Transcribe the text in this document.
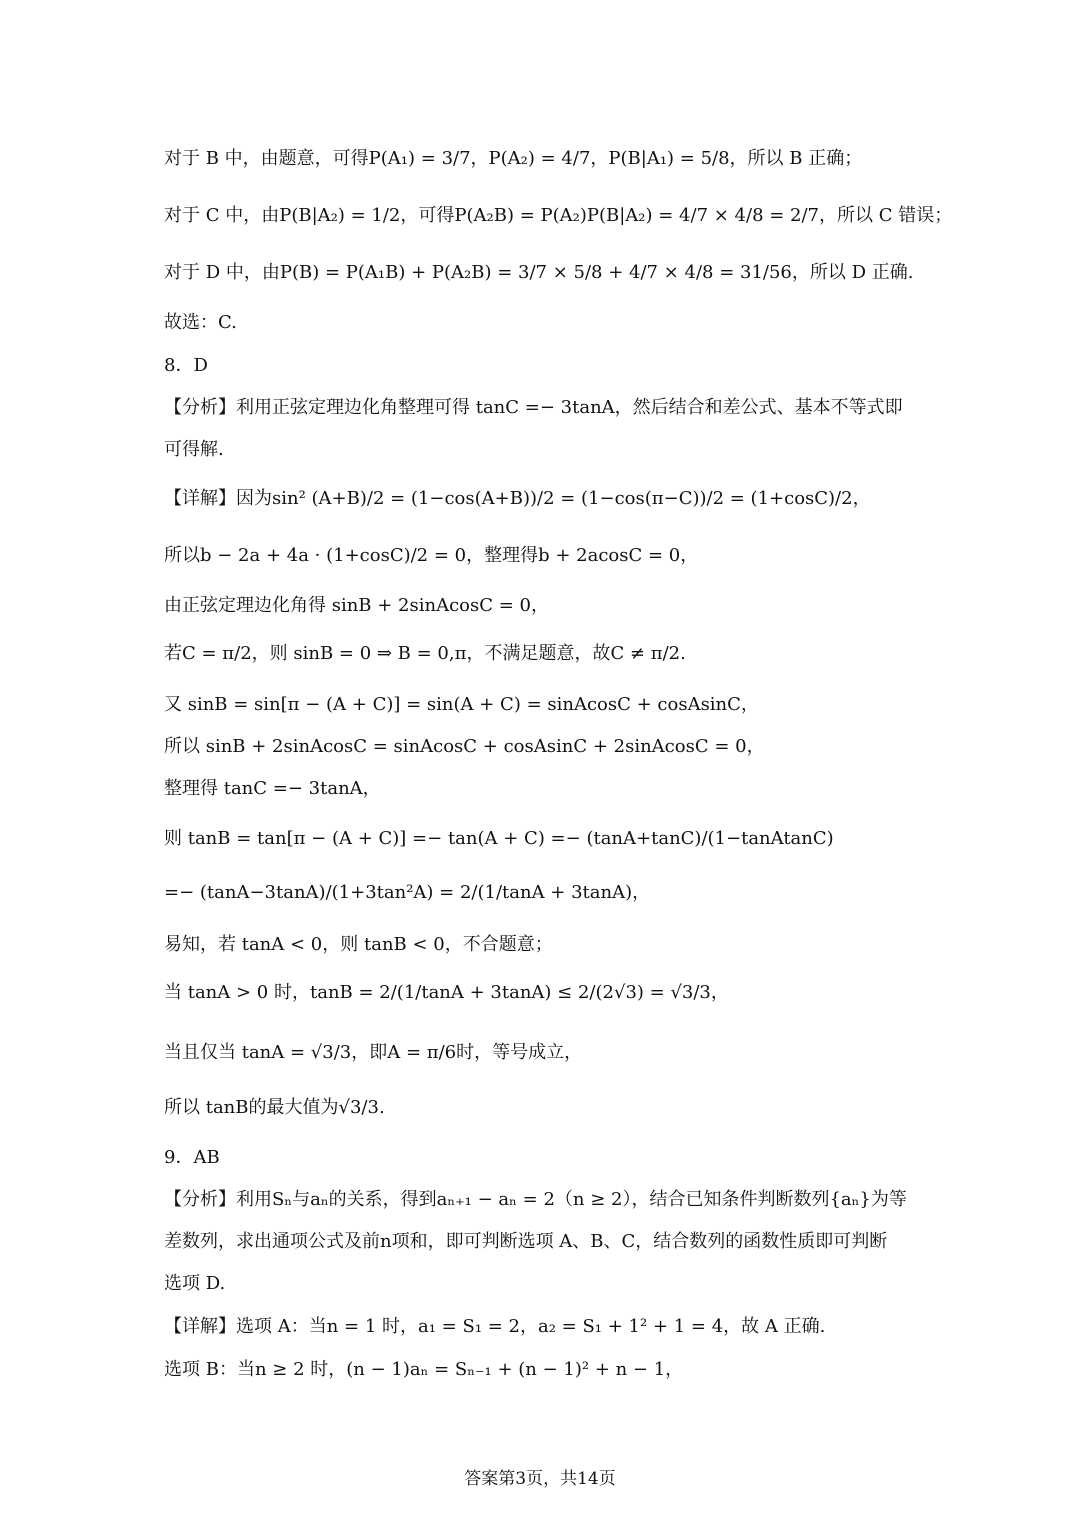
对于 B 中，由题意，可得P(A₁) = 3/7，P(A₂) = 4/7，P(B|A₁) = 5/8，所以 B 正确；
对于 C 中，由P(B|A₂) = 1/2，可得P(A₂B) = P(A₂)P(B|A₂) = 4/7 × 4/8 = 2/7，所以 C 错误；
对于 D 中，由P(B) = P(A₁B) + P(A₂B) = 3/7 × 5/8 + 4/7 × 4/8 = 31/56，所以 D 正确.
故选：C.
8．D
【分析】利用正弦定理边化角整理可得 tanC =− 3tanA，然后结合和差公式、基本不等式即
可得解.
【详解】因为sin² (A+B)/2 = (1−cos(A+B))/2 = (1−cos(π−C))/2 = (1+cosC)/2，
所以b − 2a + 4a · (1+cosC)/2 = 0，整理得b + 2acosC = 0，
由正弦定理边化角得 sinB + 2sinAcosC = 0，
若C = π/2，则 sinB = 0 ⇒ B = 0,π，不满足题意，故C ≠ π/2.
又 sinB = sin[π − (A + C)] = sin(A + C) = sinAcosC + cosAsinC，
所以 sinB + 2sinAcosC = sinAcosC + cosAsinC + 2sinAcosC = 0，
整理得 tanC =− 3tanA，
则 tanB = tan[π − (A + C)] =− tan(A + C) =− (tanA+tanC)/(1−tanAtanC)
=− (tanA−3tanA)/(1+3tan²A) = 2/(1/tanA + 3tanA)，
易知，若 tanA < 0，则 tanB < 0，不合题意；
当 tanA > 0 时，tanB = 2/(1/tanA + 3tanA) ≤ 2/(2√3) = √3/3，
当且仅当 tanA = √3/3，即A = π/6时，等号成立，
所以 tanB的最大值为√3/3.
9．AB
【分析】利用Sₙ与aₙ的关系，得到aₙ₊₁ − aₙ = 2（n ≥ 2），结合已知条件判断数列{aₙ}为等
差数列，求出通项公式及前n项和，即可判断选项 A、B、C，结合数列的函数性质即可判断
选项 D.
【详解】选项 A：当n = 1 时，a₁ = S₁ = 2，a₂ = S₁ + 1² + 1 = 4，故 A 正确.
选项 B：当n ≥ 2 时，(n − 1)aₙ = Sₙ₋₁ + (n − 1)² + n − 1，
答案第3页，共14页
